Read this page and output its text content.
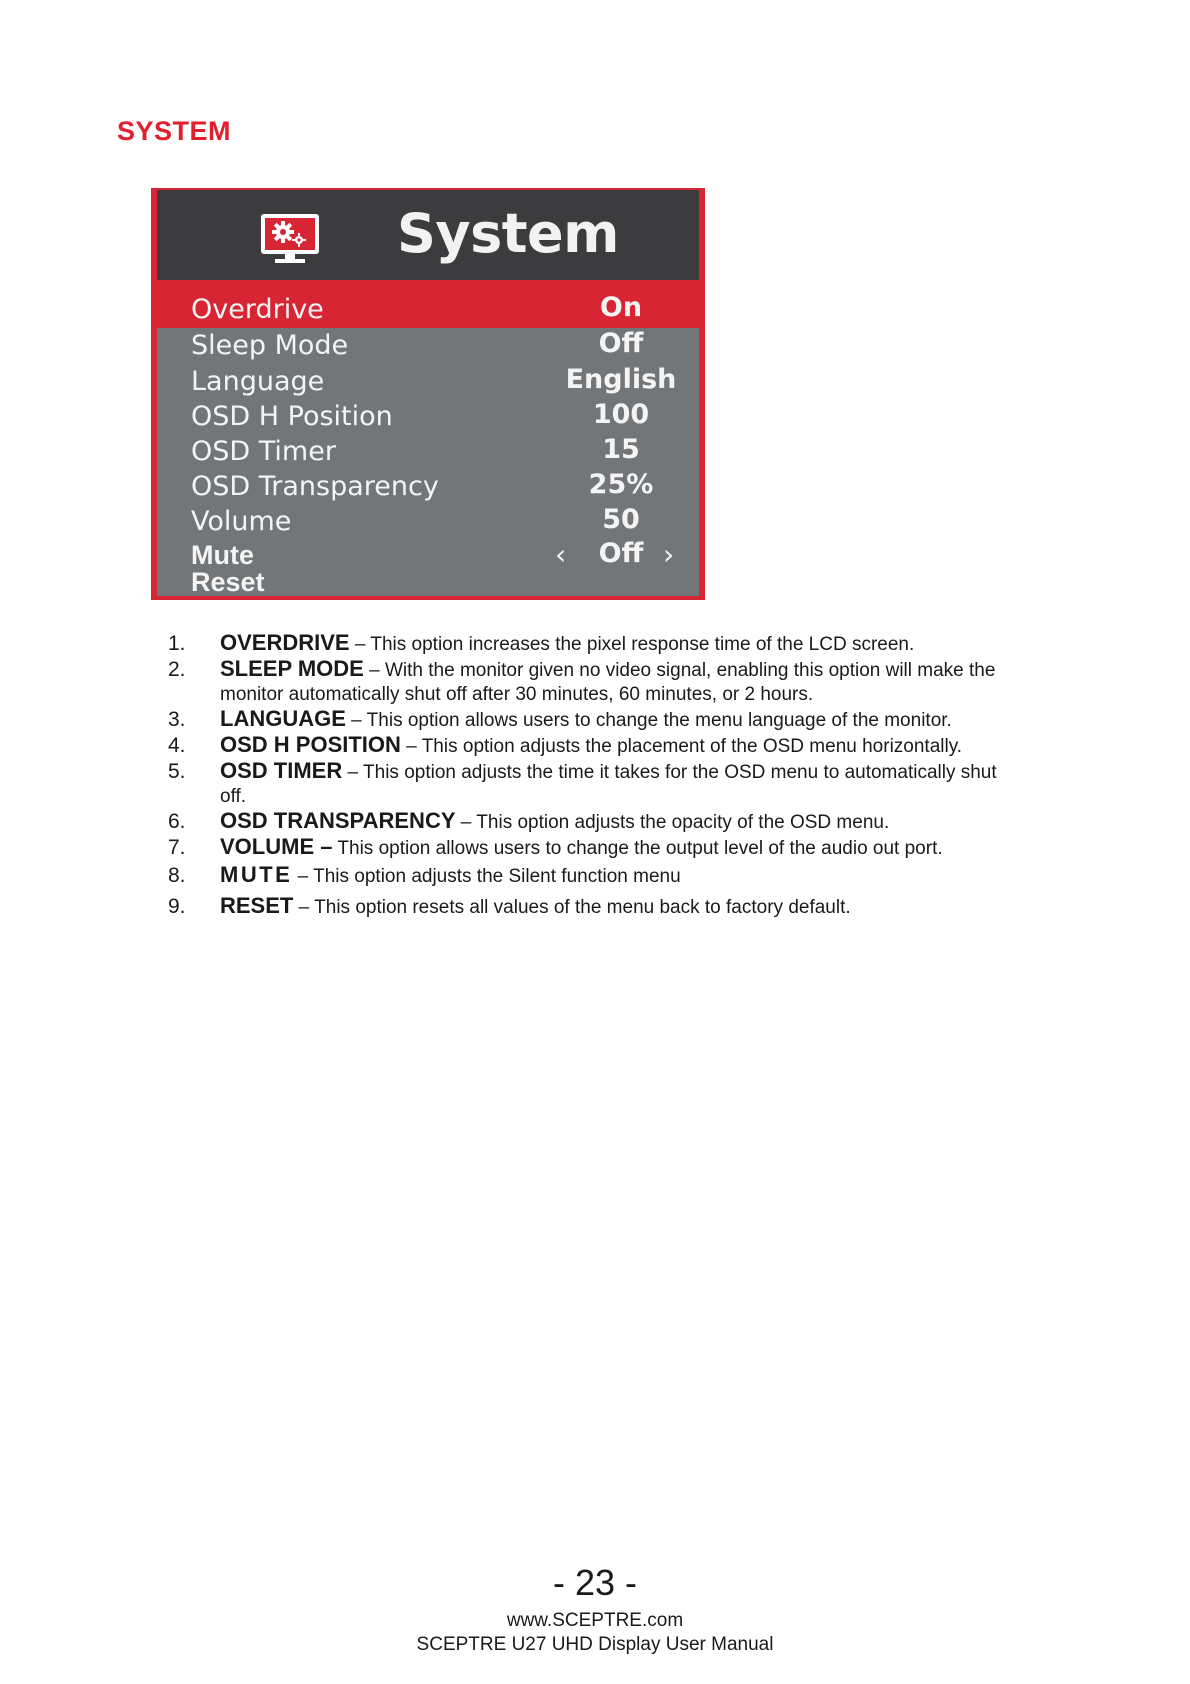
SYSTEM
System
Overdrive	On
Sleep Mode	Off
Language	English
OSD H Position	100
OSD Timer	15
OSD Transparency	25%
Volume	50
Mute	‹ Off ›
Reset
1. OVERDRIVE – This option increases the pixel response time of the LCD screen.
2. SLEEP MODE – With the monitor given no video signal, enabling this option will make the monitor automatically shut off after 30 minutes, 60 minutes, or 2 hours.
3. LANGUAGE – This option allows users to change the menu language of the monitor.
4. OSD H POSITION – This option adjusts the placement of the OSD menu horizontally.
5. OSD TIMER – This option adjusts the time it takes for the OSD menu to automatically shut off.
6. OSD TRANSPARENCY – This option adjusts the opacity of the OSD menu.
7. VOLUME – This option allows users to change the output level of the audio out port.
8. MUTE – This option adjusts the Silent function menu
9. RESET – This option resets all values of the menu back to factory default.
- 23 -
www.SCEPTRE.com
SCEPTRE U27 UHD Display User Manual
